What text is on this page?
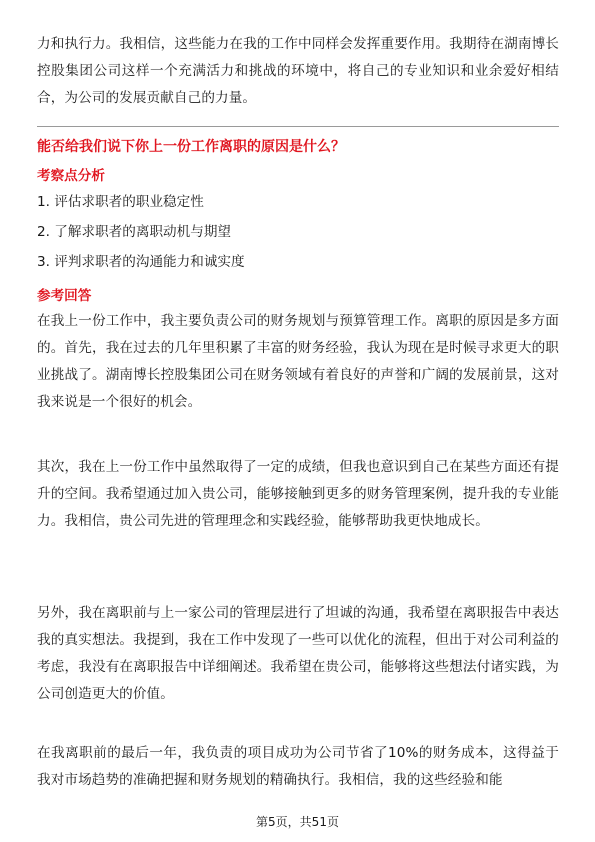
力和执行力。我相信，这些能力在我的工作中同样会发挥重要作用。我期待在湖南博长控股集团公司这样一个充满活力和挑战的环境中，将自己的专业知识和业余爱好相结合，为公司的发展贡献自己的力量。

能否给我们说下你上一份工作离职的原因是什么？

考察点分析

1. 评估求职者的职业稳定性

2. 了解求职者的离职动机与期望

3. 评判求职者的沟通能力和诚实度

参考回答

在我上一份工作中，我主要负责公司的财务规划与预算管理工作。离职的原因是多方面的。首先，我在过去的几年里积累了丰富的财务经验，我认为现在是时候寻求更大的职业挑战了。湖南博长控股集团公司在财务领域有着良好的声誉和广阔的发展前景，这对我来说是一个很好的机会。

其次，我在上一份工作中虽然取得了一定的成绩，但我也意识到自己在某些方面还有提升的空间。我希望通过加入贵公司，能够接触到更多的财务管理案例，提升我的专业能力。我相信，贵公司先进的管理理念和实践经验，能够帮助我更快地成长。

另外，我在离职前与上一家公司的管理层进行了坦诚的沟通，我希望在离职报告中表达我的真实想法。我提到，我在工作中发现了一些可以优化的流程，但出于对公司利益的考虑，我没有在离职报告中详细阐述。我希望在贵公司，能够将这些想法付诸实践，为公司创造更大的价值。

在我离职前的最后一年，我负责的项目成功为公司节省了10%的财务成本，这得益于我对市场趋势的准确把握和财务规划的精确执行。我相信，我的这些经验和能

第5页，共51页
